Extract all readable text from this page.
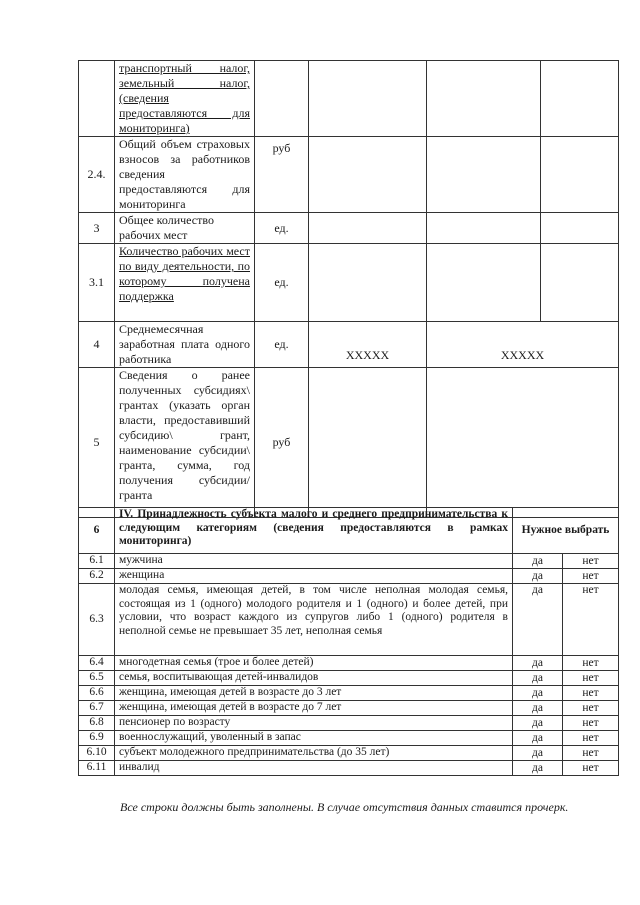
	транспортный налог, земельный налог, (сведения предоставляются для мониторинга)				
2.4.	Общий объем страховых взносов за работников сведения предоставляются для мониторинга	руб			
3	Общее количество рабочих мест	ед.			
3.1	Количество рабочих мест по виду деятельности, по которому получена поддержка	ед.			
4	Среднемесячная заработная плата одного работника	ед.	XXXXX	XXXXX	
5	Сведения о ранее полученных субсидиях\ грантах (указать орган власти, предоставивший субсидию\ грант, наименование субсидии\ гранта, сумма, год получения субсидии/ гранта	руб			
6	IV. Принадлежность субъекта малого и среднего предпринимательства к следующим категориям (сведения предоставляются в рамках мониторинга)	Нужное выбрать	
6.1	мужчина	да	нет
6.2	женщина	да	нет
6.3	молодая семья, имеющая детей, в том числе неполная молодая семья, состоящая из 1 (одного) молодого родителя и 1 (одного) и более детей, при условии, что возраст каждого из супругов либо 1 (одного) родителя в неполной семье не превышает 35 лет, неполная семья	да	нет
6.4	многодетная семья (трое и более детей)	да	нет
6.5	семья, воспитывающая детей-инвалидов	да	нет
6.6	женщина, имеющая детей в возрасте до 3 лет	да	нет
6.7	женщина, имеющая детей в возрасте до 7 лет	да	нет
6.8	пенсионер по возрасту	да	нет
6.9	военнослужащий, уволенный в запас	да	нет
6.10	субъект молодежного предпринимательства (до 35 лет)	да	нет
6.11	инвалид	да	нет
Все строки должны быть заполнены. В случае отсутствия данных ставится прочерк.
